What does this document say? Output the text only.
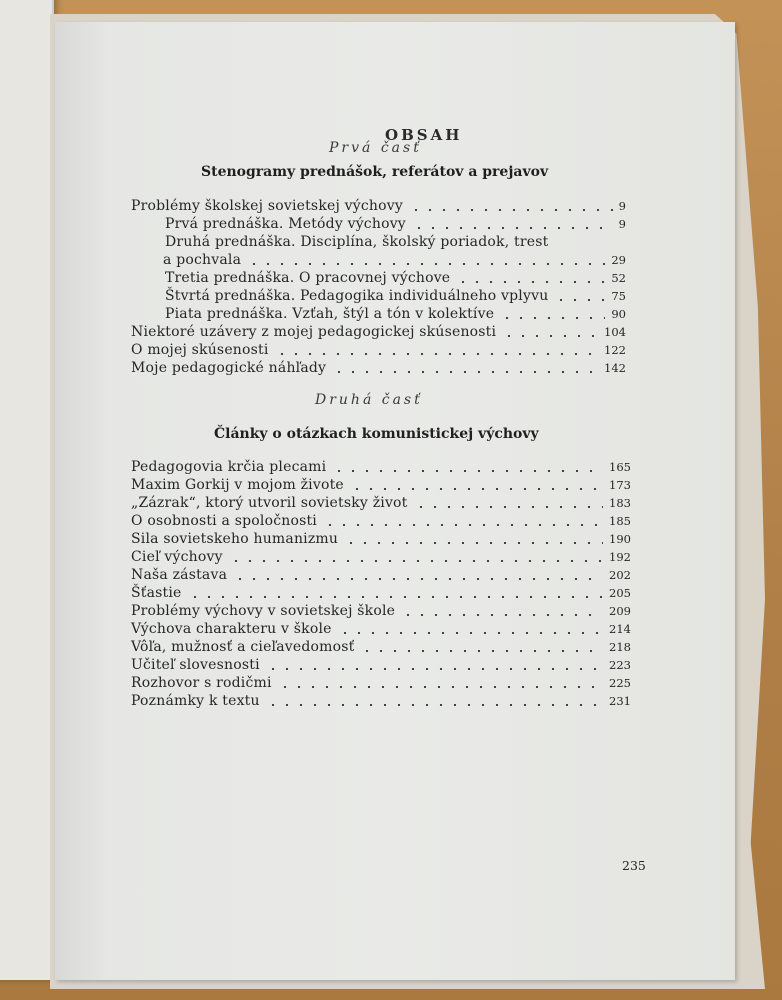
OBSAH

Prvá časť

Stenogramy prednášok, referátov a prejavov
Problémy školskej sovietskej výchovy	9
Prvá prednáška. Metódy výchovy	9
Druhá prednáška. Disciplína, školský poriadok, trest
a pochvala	29
Tretia prednáška. O pracovnej výchove	52
Štvrtá prednáška. Pedagogika individuálneho vplyvu	75
Piata prednáška. Vzťah, štýl a tón v kolektíve	90
Niektoré uzávery z mojej pedagogickej skúsenosti	104
O mojej skúsenosti	122
Moje pedagogické náhľady	142

Druhá časť

Články o otázkach komunistickej výchovy
Pedagogovia krčia plecami	165
Maxim Gorkij v mojom živote	173
„Zázrak“, ktorý utvoril sovietsky život	183
O osobnosti a spoločnosti	185
Sila sovietskeho humanizmu	190
Cieľ výchovy	192
Naša zástava	202
Šťastie	205
Problémy výchovy v sovietskej škole	209
Výchova charakteru v škole	214
Vôľa, mužnosť a cieľavedomosť	218
Učiteľ slovesnosti	223
Rozhovor s rodičmi	225
Poznámky k textu	231

235
